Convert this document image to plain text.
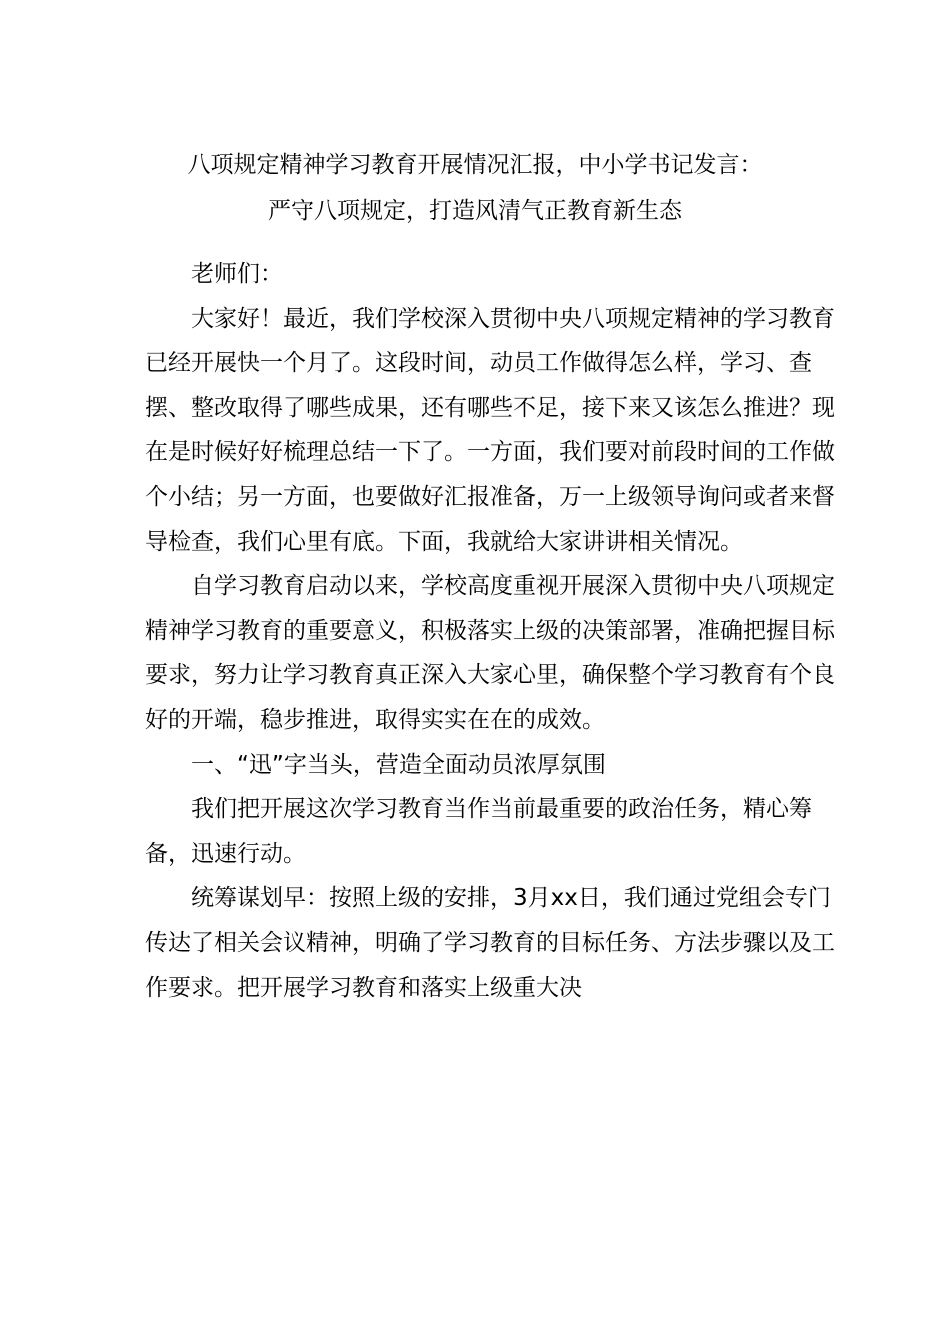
八项规定精神学习教育开展情况汇报，中小学书记发言：
严守八项规定，打造风清气正教育新生态

老师们：

大家好！最近，我们学校深入贯彻中央八项规定精神的学习教育已经开展快一个月了。这段时间，动员工作做得怎么样，学习、查摆、整改取得了哪些成果，还有哪些不足，接下来又该怎么推进？现在是时候好好梳理总结一下了。一方面，我们要对前段时间的工作做个小结；另一方面，也要做好汇报准备，万一上级领导询问或者来督导检查，我们心里有底。下面，我就给大家讲讲相关情况。

自学习教育启动以来，学校高度重视开展深入贯彻中央八项规定精神学习教育的重要意义，积极落实上级的决策部署，准确把握目标要求，努力让学习教育真正深入大家心里，确保整个学习教育有个良好的开端，稳步推进，取得实实在在的成效。

一、“迅”字当头，营造全面动员浓厚氛围

我们把开展这次学习教育当作当前最重要的政治任务，精心筹备，迅速行动。

统筹谋划早：按照上级的安排，3月xx日，我们通过党组会专门传达了相关会议精神，明确了学习教育的目标任务、方法步骤以及工作要求。把开展学习教育和落实上级重大决
